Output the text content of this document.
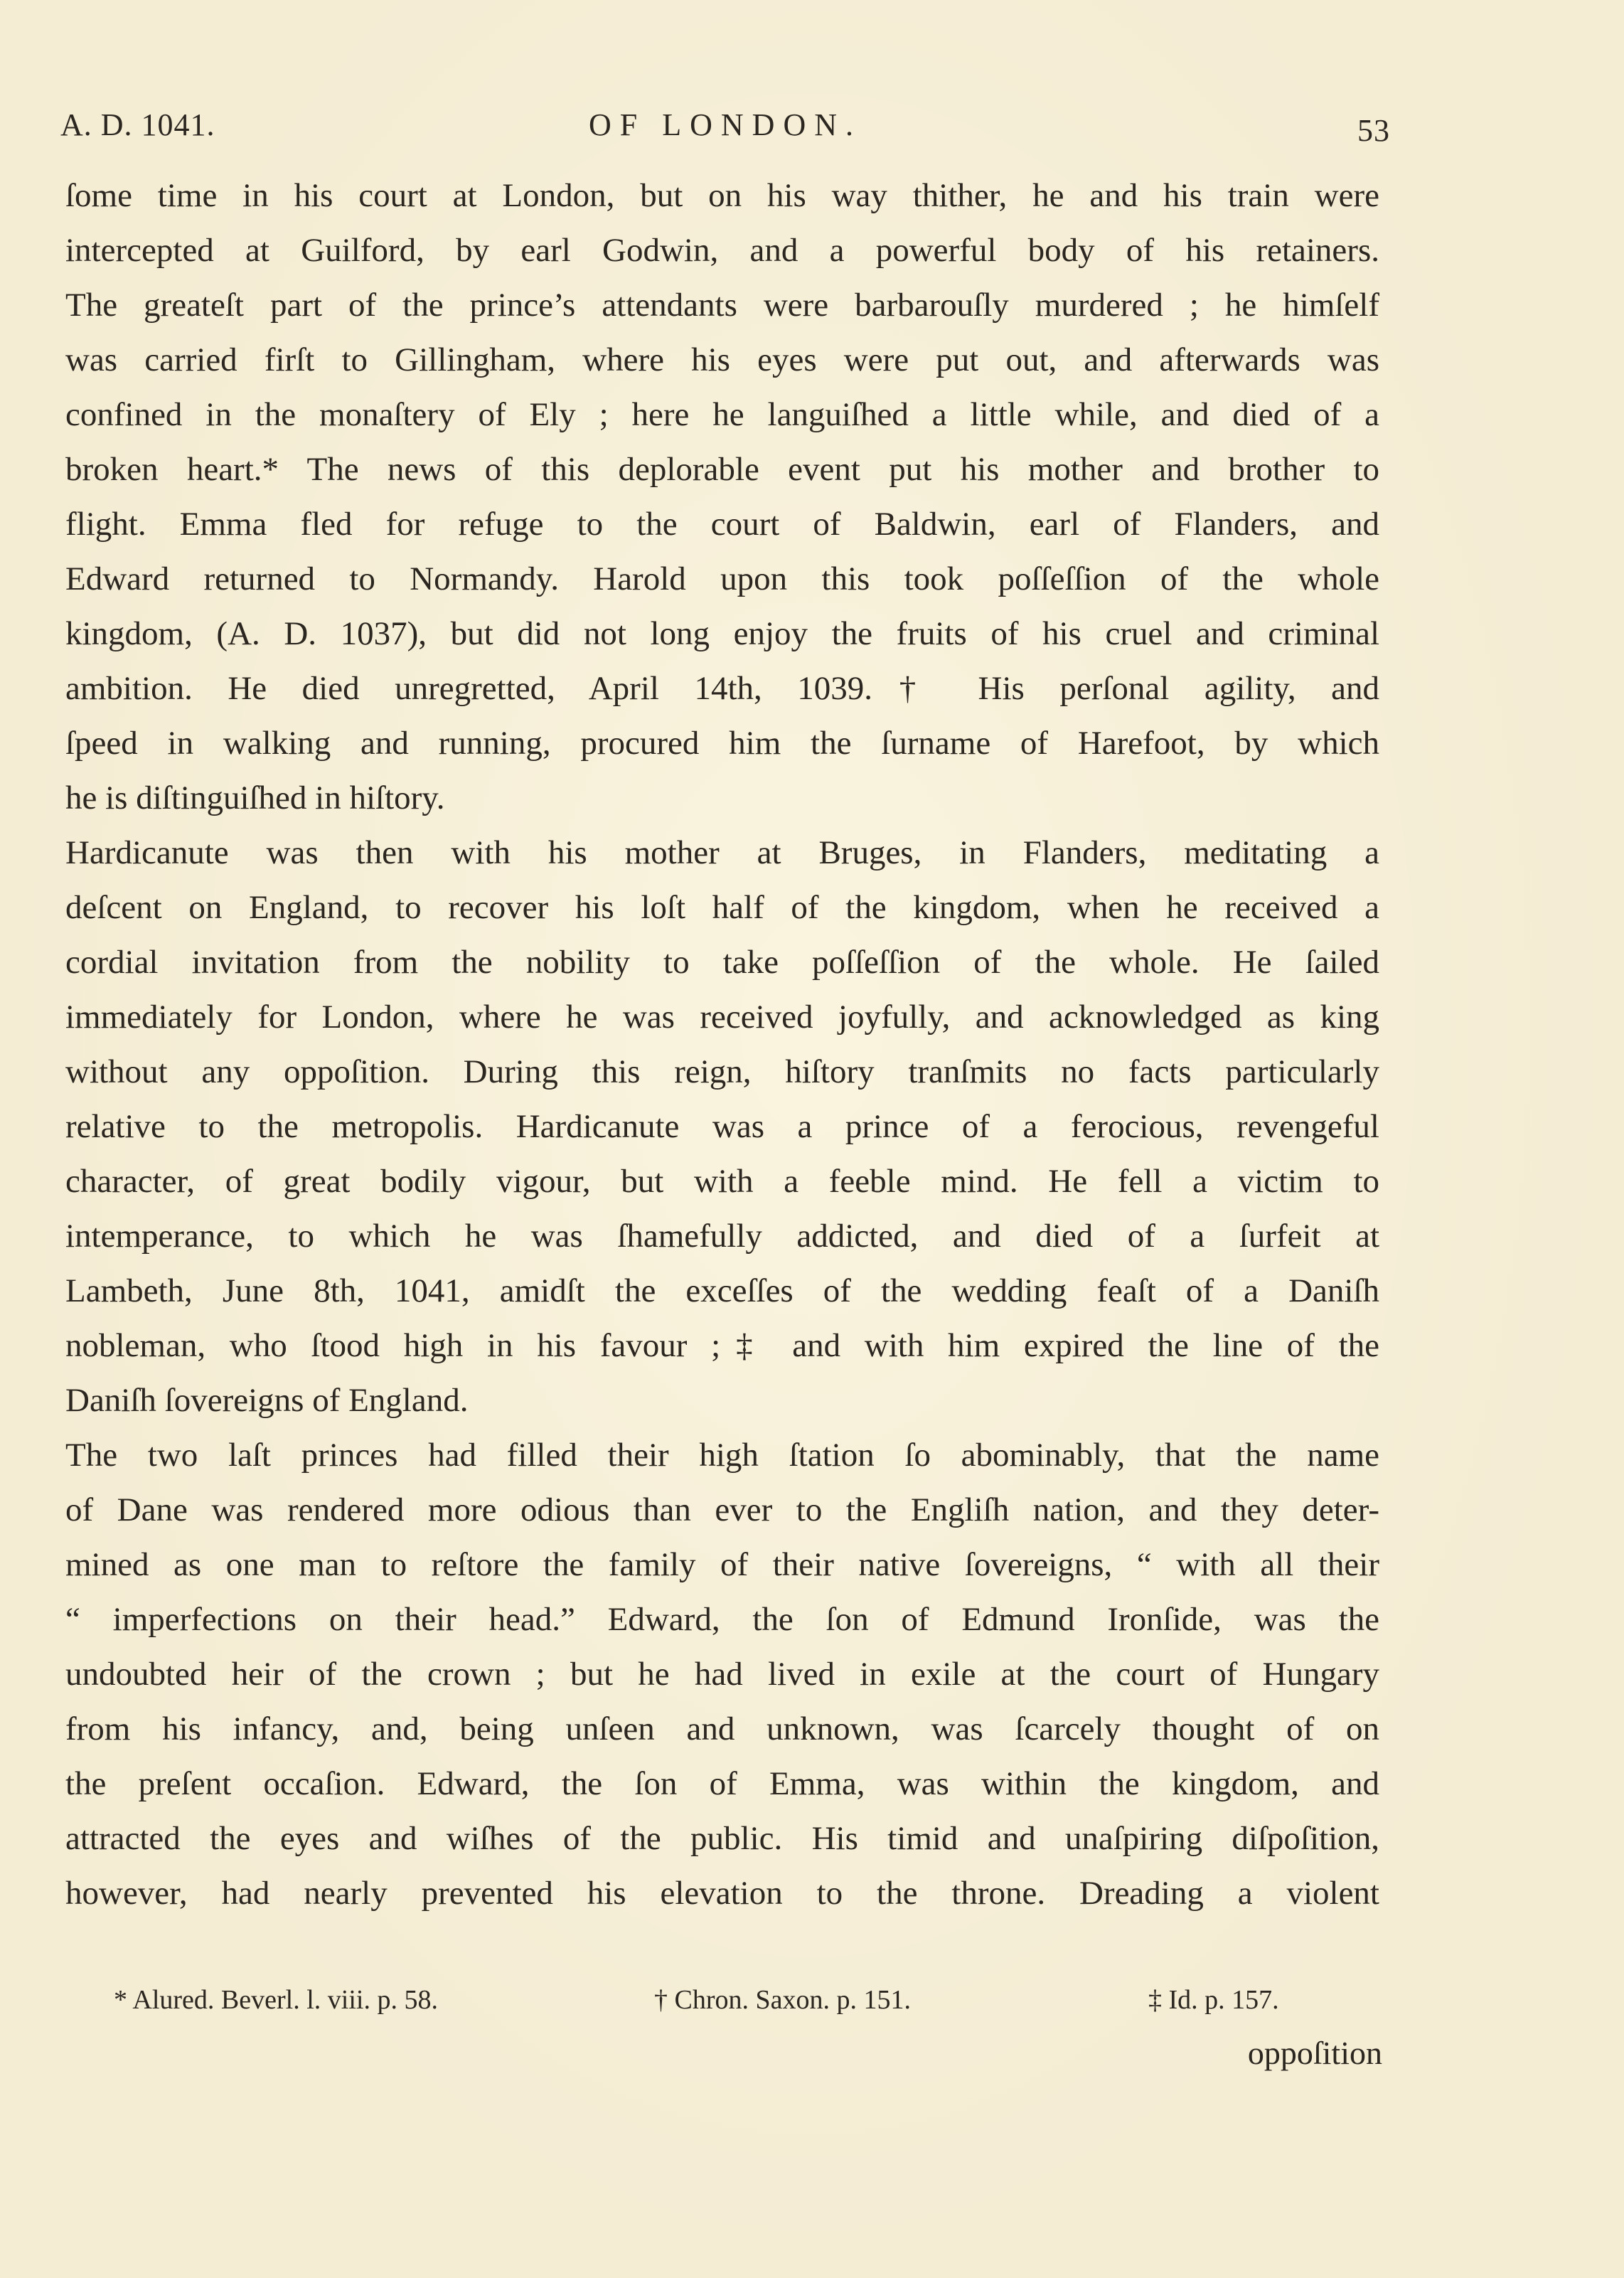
A. D. 1041.	OF LONDON.	53
ſome time in his court at London, but on his way thither, he and his train were
intercepted at Guilford, by earl Godwin, and a powerful body of his retainers.
The greateſt part of the prince’s attendants were barbarouſly murdered ; he himſelf
was carried firſt to Gillingham, where his eyes were put out, and afterwards was
confined in the monaſtery of Ely ; here he languiſhed a little while, and died of a
broken heart.* The news of this deplorable event put his mother and brother to
flight. Emma fled for refuge to the court of Baldwin, earl of Flanders, and
Edward returned to Normandy. Harold upon this took poſſeſſion of the whole
kingdom, (A. D. 1037), but did not long enjoy the fruits of his cruel and criminal
ambition. He died unregretted, April 14th, 1039.† His perſonal agility, and
ſpeed in walking and running, procured him the ſurname of Harefoot, by which
he is diſtinguiſhed in hiſtory.
Hardicanute was then with his mother at Bruges, in Flanders, meditating a
deſcent on England, to recover his loſt half of the kingdom, when he received a
cordial invitation from the nobility to take poſſeſſion of the whole. He ſailed
immediately for London, where he was received joyfully, and acknowledged as king
without any oppoſition. During this reign, hiſtory tranſmits no facts particularly
relative to the metropolis. Hardicanute was a prince of a ferocious, revengeful
character, of great bodily vigour, but with a feeble mind. He fell a victim to
intemperance, to which he was ſhamefully addicted, and died of a ſurfeit at
Lambeth, June 8th, 1041, amidſt the exceſſes of the wedding feaſt of a Daniſh
nobleman, who ſtood high in his favour ;‡ and with him expired the line of the
Daniſh ſovereigns of England.
The two laſt princes had filled their high ſtation ſo abominably, that the name
of Dane was rendered more odious than ever to the Engliſh nation, and they deter-
mined as one man to reſtore the family of their native ſovereigns, “ with all their
“ imperfections on their head.” Edward, the ſon of Edmund Ironſide, was the
undoubted heir of the crown ; but he had lived in exile at the court of Hungary
from his infancy, and, being unſeen and unknown, was ſcarcely thought of on
the preſent occaſion. Edward, the ſon of Emma, was within the kingdom, and
attracted the eyes and wiſhes of the public. His timid and unaſpiring diſpoſition,
however, had nearly prevented his elevation to the throne. Dreading a violent
* Alured. Beverl. l. viii. p. 58.	† Chron. Saxon. p. 151.	‡ Id. p. 157.
oppoſition
